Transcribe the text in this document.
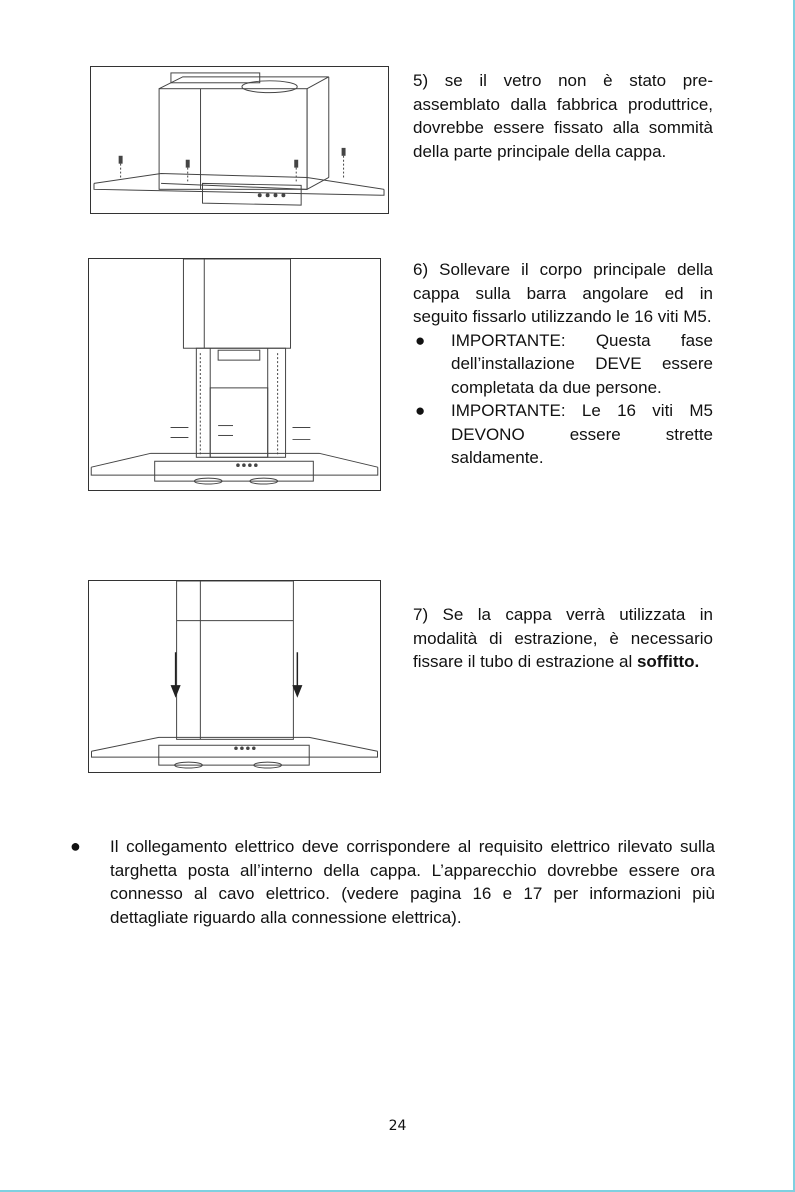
5) se il vetro non è stato pre-assemblato dalla fabbrica produttrice, dovrebbe essere fissato alla sommità della parte principale della cappa.

6) Sollevare il corpo principale della cappa sulla barra angolare ed in seguito fissarlo utilizzando le 16 viti M5.

● IMPORTANTE: Questa fase dell’installazione DEVE essere completata da due persone.
● IMPORTANTE: Le 16 viti M5 DEVONO essere strette saldamente.

7) Se la cappa verrà utilizzata in modalità di estrazione, è necessario fissare il tubo di estrazione al soffitto.

● Il collegamento elettrico deve corrispondere al requisito elettrico rilevato sulla targhetta posta all’interno della cappa. L’apparecchio dovrebbe essere ora connesso al cavo elettrico. (vedere pagina 16 e 17 per informazioni più dettagliate riguardo alla connessione elettrica).
24
